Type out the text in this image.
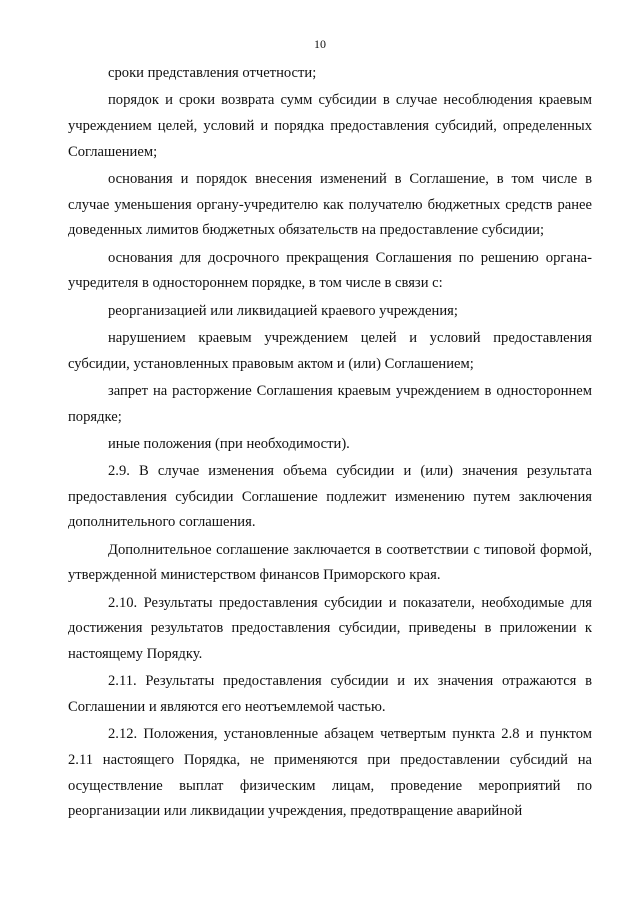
10

сроки представления отчетности;

порядок и сроки возврата сумм субсидии в случае несоблюдения краевым учреждением целей, условий и порядка предоставления субсидий, определенных Соглашением;

основания и порядок внесения изменений в Соглашение, в том числе в случае уменьшения органу-учредителю как получателю бюджетных средств ранее доведенных лимитов бюджетных обязательств на предоставление субсидии;

основания для досрочного прекращения Соглашения по решению органа-учредителя в одностороннем порядке, в том числе в связи с:

реорганизацией или ликвидацией краевого учреждения;

нарушением краевым учреждением целей и условий предоставления субсидии, установленных правовым актом и (или) Соглашением;

запрет на расторжение Соглашения краевым учреждением в одностороннем порядке;

иные положения (при необходимости).

2.9. В случае изменения объема субсидии и (или) значения результата предоставления субсидии Соглашение подлежит изменению путем заключения дополнительного соглашения.

Дополнительное соглашение заключается в соответствии с типовой формой, утвержденной министерством финансов Приморского края.

2.10. Результаты предоставления субсидии и показатели, необходимые для достижения результатов предоставления субсидии, приведены в приложении к настоящему Порядку.

2.11. Результаты предоставления субсидии и их значения отражаются в Соглашении и являются его неотъемлемой частью.

2.12. Положения, установленные абзацем четвертым пункта 2.8 и пунктом 2.11 настоящего Порядка, не применяются при предоставлении субсидий на осуществление выплат физическим лицам, проведение мероприятий по реорганизации или ликвидации учреждения, предотвращение аварийной
